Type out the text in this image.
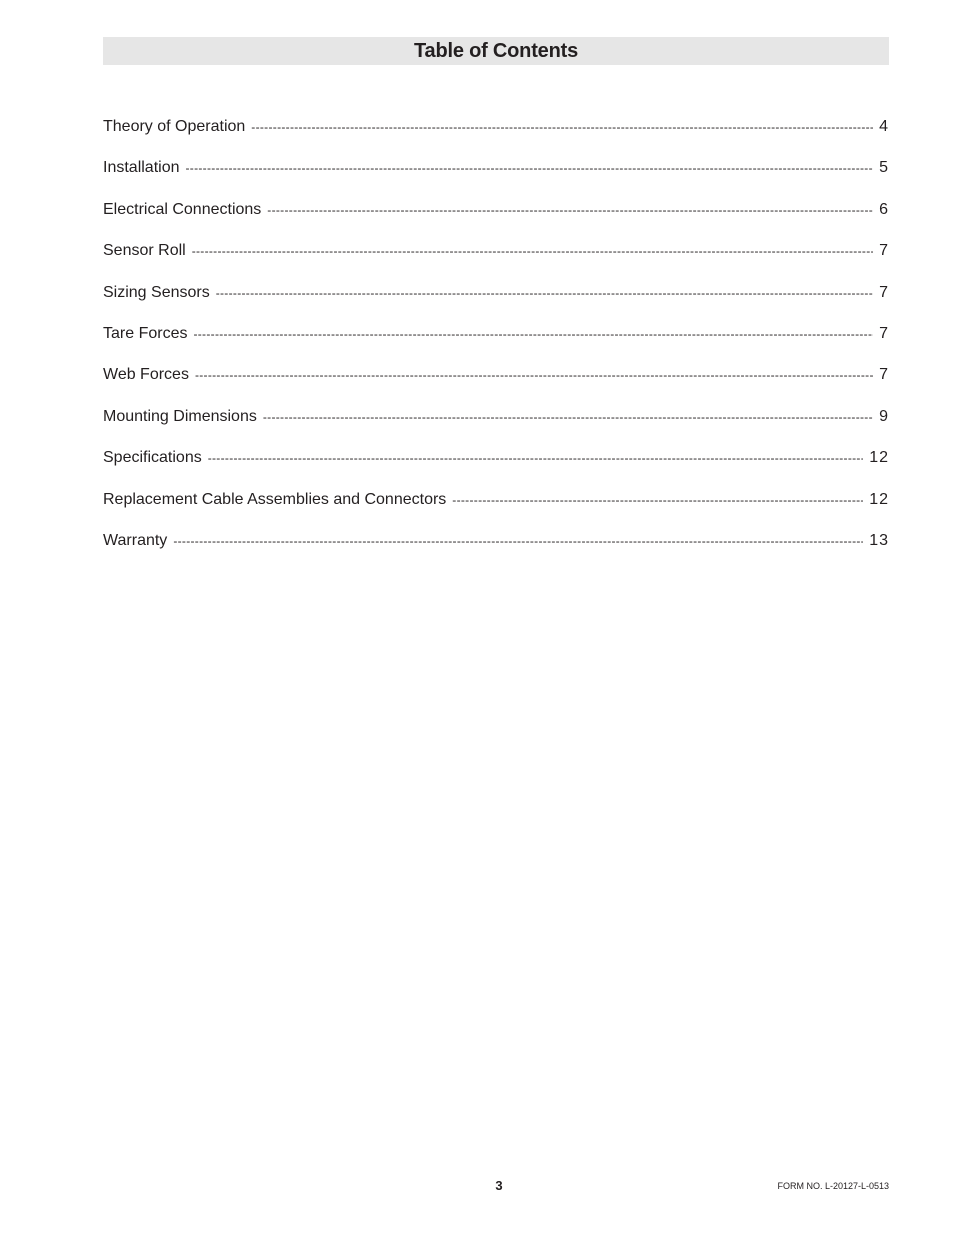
Table of Contents
Theory of Operation -----	4
Installation -----	5
Electrical Connections -----	6
Sensor Roll -----	7
Sizing Sensors -----	7
Tare Forces -----	7
Web Forces -----	7
Mounting Dimensions -----	9
Specifications -----	12
Replacement Cable Assemblies and Connectors -----	12
Warranty -----	13
3	FORM NO. L-20127-L-0513
